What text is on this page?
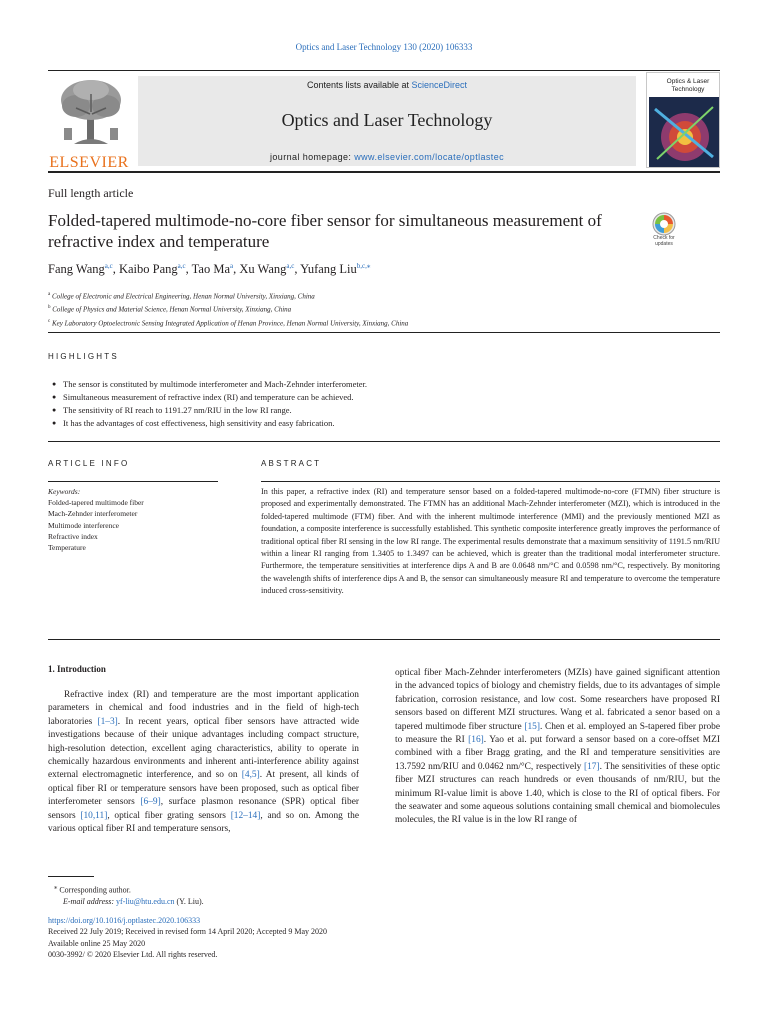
Optics and Laser Technology 130 (2020) 106333
ELSEVIER
Contents lists available at ScienceDirect
Optics and Laser Technology
journal homepage: www.elsevier.com/locate/optlastec
Optics & Laser Technology
Full length article
Folded-tapered multimode-no-core fiber sensor for simultaneous measurement of refractive index and temperature	Check for updates
Fang Wang$^{a,c}$, Kaibo Pang$^{a,c}$, Tao Ma$^a$, Xu Wang$^{a,c}$, Yufang Liu$^{b,c,⁎}$
$^a$ College of Electronic and Electrical Engineering, Henan Normal University, Xinxiang, China
$^b$ College of Physics and Material Science, Henan Normal University, Xinxiang, China
$^c$ Key Laboratory Optoelectronic Sensing Integrated Application of Henan Province, Henan Normal University, Xinxiang, China
HIGHLIGHTS
● The sensor is constituted by multimode interferometer and Mach-Zehnder interferometer.
● Simultaneous measurement of refractive index (RI) and temperature can be achieved.
● The sensitivity of RI reach to 1191.27 nm/RIU in the low RI range.
● It has the advantages of cost effectiveness, high sensitivity and easy fabrication.
ARTICLE INFO	ABSTRACT
Keywords:
Folded-tapered multimode fiber
Mach-Zehnder interferometer
Multimode interference
Refractive index
Temperature

In this paper, a refractive index (RI) and temperature sensor based on a folded-tapered multimode-no-core (FTMN) fiber structure is proposed and experimentally demonstrated. The FTMN has an additional Mach-Zehnder interferometer (MZI), which is introduced in the folded-tapered multimode (FTM) fiber. And with the inherent multimode interference (MMI) and the previously mentioned MZI as foundation, a composite interference is successfully established. This synthetic composite interference greatly improves the performance of traditional optical fiber RI sensing in the low RI range. The experimental results demonstrate that a maximum sensitivity of 1191.5 nm/RIU within a linear RI ranging from 1.3405 to 1.3497 can be achieved, which is greater than the traditional modal interferometer structure. Furthermore, the temperature sensitivities at interference dips A and B are 0.0648 nm/°C and 0.0598 nm/°C, respectively. By monitoring the wavelength shifts of interference dips A and B, the sensor can simultaneously measure RI and temperature to overcome the temperature induced cross-sensitivity.

1. Introduction

Refractive index (RI) and temperature are the most important application parameters in chemical and food industries and in the field of high-tech laboratories [1–3]. In recent years, optical fiber sensors have attracted wide investigations because of their unique advantages including compact structure, high-resolution detection, excellent aging characteristics, ability to operate in chemically hazardous environments and inherent anti-interference ability against external electromagnetic interference, and so on [4,5]. At present, all kinds of optical fiber RI or temperature sensors have been proposed, such as optical fiber interferometer sensors [6–9], surface plasmon resonance (SPR) optical fiber sensors [10,11], optical fiber grating sensors [12–14], and so on. Among the various optical fiber RI and temperature sensors,

optical fiber Mach-Zehnder interferometers (MZIs) have gained significant attention in the advanced topics of biology and chemistry fields, due to its advantages of simple fabrication, corrosion resistance, and low cost. Some researchers have proposed RI sensors based on different MZI structures. Wang et al. fabricated a senor based on a tapered multimode fiber structure [15]. Chen et al. employed an S-tapered fiber probe to measure the RI [16]. Yao et al. put forward a sensor based on a core-offset MZI combined with a fiber Bragg grating, and the RI and temperature sensitivities are 13.7592 nm/RIU and 0.0462 nm/°C, respectively [17]. The sensitivities of these optic fiber MZI structures can reach hundreds or even thousands of nm/RIU, but the minimum RI-value limit is above 1.40, which is close to the RI of optical fibers. For the seawater and some aqueous solutions containing small chemical and biomolecules molecules, the RI value is in the low RI range of

⁎ Corresponding author.
E-mail address: yf-liu@htu.edu.cn (Y. Liu).
https://doi.org/10.1016/j.optlastec.2020.106333
Received 22 July 2019; Received in revised form 14 April 2020; Accepted 9 May 2020
Available online 25 May 2020
0030-3992/ © 2020 Elsevier Ltd. All rights reserved.
